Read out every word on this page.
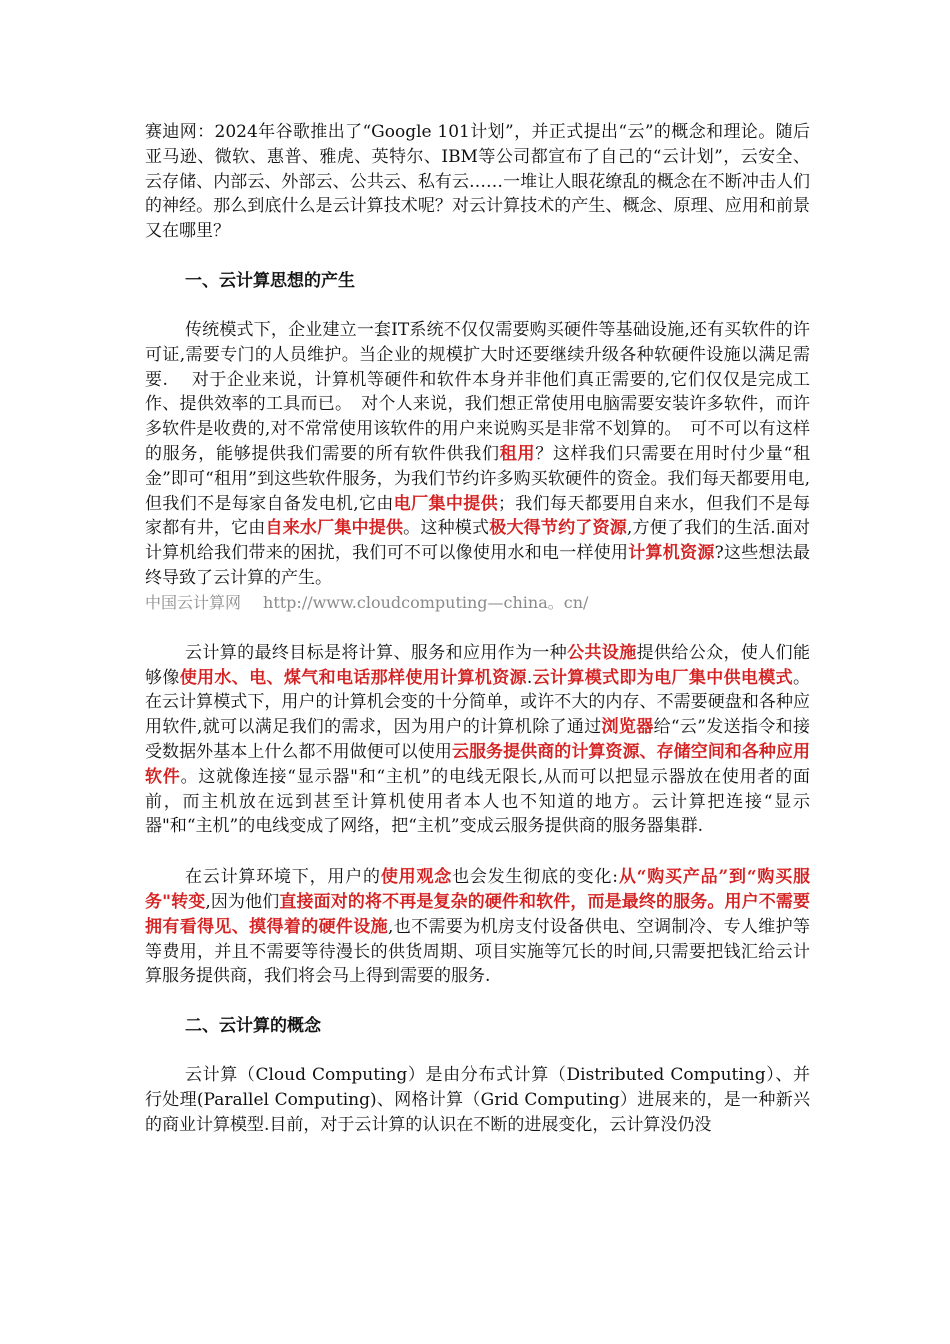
赛迪网：2024年谷歌推出了“Google 101计划”，并正式提出“云”的概念和理论。随后亚马逊、微软、惠普、雅虎、英特尔、IBM等公司都宣布了自己的“云计划”，云安全、云存储、内部云、外部云、公共云、私有云……一堆让人眼花缭乱的概念在不断冲击人们的神经。那么到底什么是云计算技术呢？对云计算技术的产生、概念、原理、应用和前景又在哪里？

一、云计算思想的产生

传统模式下，企业建立一套IT系统不仅仅需要购买硬件等基础设施,还有买软件的许可证,需要专门的人员维护。当企业的规模扩大时还要继续升级各种软硬件设施以满足需要.　 对于企业来说，计算机等硬件和软件本身并非他们真正需要的,它们仅仅是完成工作、提供效率的工具而已。　对个人来说，我们想正常使用电脑需要安装许多软件，而许多软件是收费的,对不常常使用该软件的用户来说购买是非常不划算的。　可不可以有这样的服务，能够提供我们需要的所有软件供我们租用？这样我们只需要在用时付少量“租金”即可“租用”到这些软件服务，为我们节约许多购买软硬件的资金。我们每天都要用电,但我们不是每家自备发电机,它由电厂集中提供；我们每天都要用自来水，但我们不是每家都有井，它由自来水厂集中提供。这种模式极大得节约了资源,方便了我们的生活.面对计算机给我们带来的困扰，我们可不可以像使用水和电一样使用计算机资源?这些想法最终导致了云计算的产生。

中国云计算网 http://www.cloudcomputing—china。cn/

云计算的最终目标是将计算、服务和应用作为一种公共设施提供给公众，使人们能够像使用水、电、煤气和电话那样使用计算机资源.云计算模式即为电厂集中供电模式。在云计算模式下，用户的计算机会变的十分简单，或许不大的内存、不需要硬盘和各种应用软件,就可以满足我们的需求，因为用户的计算机除了通过浏览器给“云”发送指令和接受数据外基本上什么都不用做便可以使用云服务提供商的计算资源、存储空间和各种应用软件。这就像连接“显示器"和“主机”的电线无限长,从而可以把显示器放在使用者的面前，而主机放在远到甚至计算机使用者本人也不知道的地方。云计算把连接“显示器"和“主机”的电线变成了网络，把“主机”变成云服务提供商的服务器集群.

在云计算环境下，用户的使用观念也会发生彻底的变化:从“购买产品”到“购买服务"转变,因为他们直接面对的将不再是复杂的硬件和软件，而是最终的服务。用户不需要拥有看得见、摸得着的硬件设施,也不需要为机房支付设备供电、空调制冷、专人维护等等费用，并且不需要等待漫长的供货周期、项目实施等冗长的时间,只需要把钱汇给云计算服务提供商，我们将会马上得到需要的服务.

二、云计算的概念

云计算（Cloud Computing）是由分布式计算（Distributed Computing）、并行处理(Parallel Computing)、网格计算（Grid Computing）进展来的，是一种新兴的商业计算模型.目前，对于云计算的认识在不断的进展变化，云计算没仍没
